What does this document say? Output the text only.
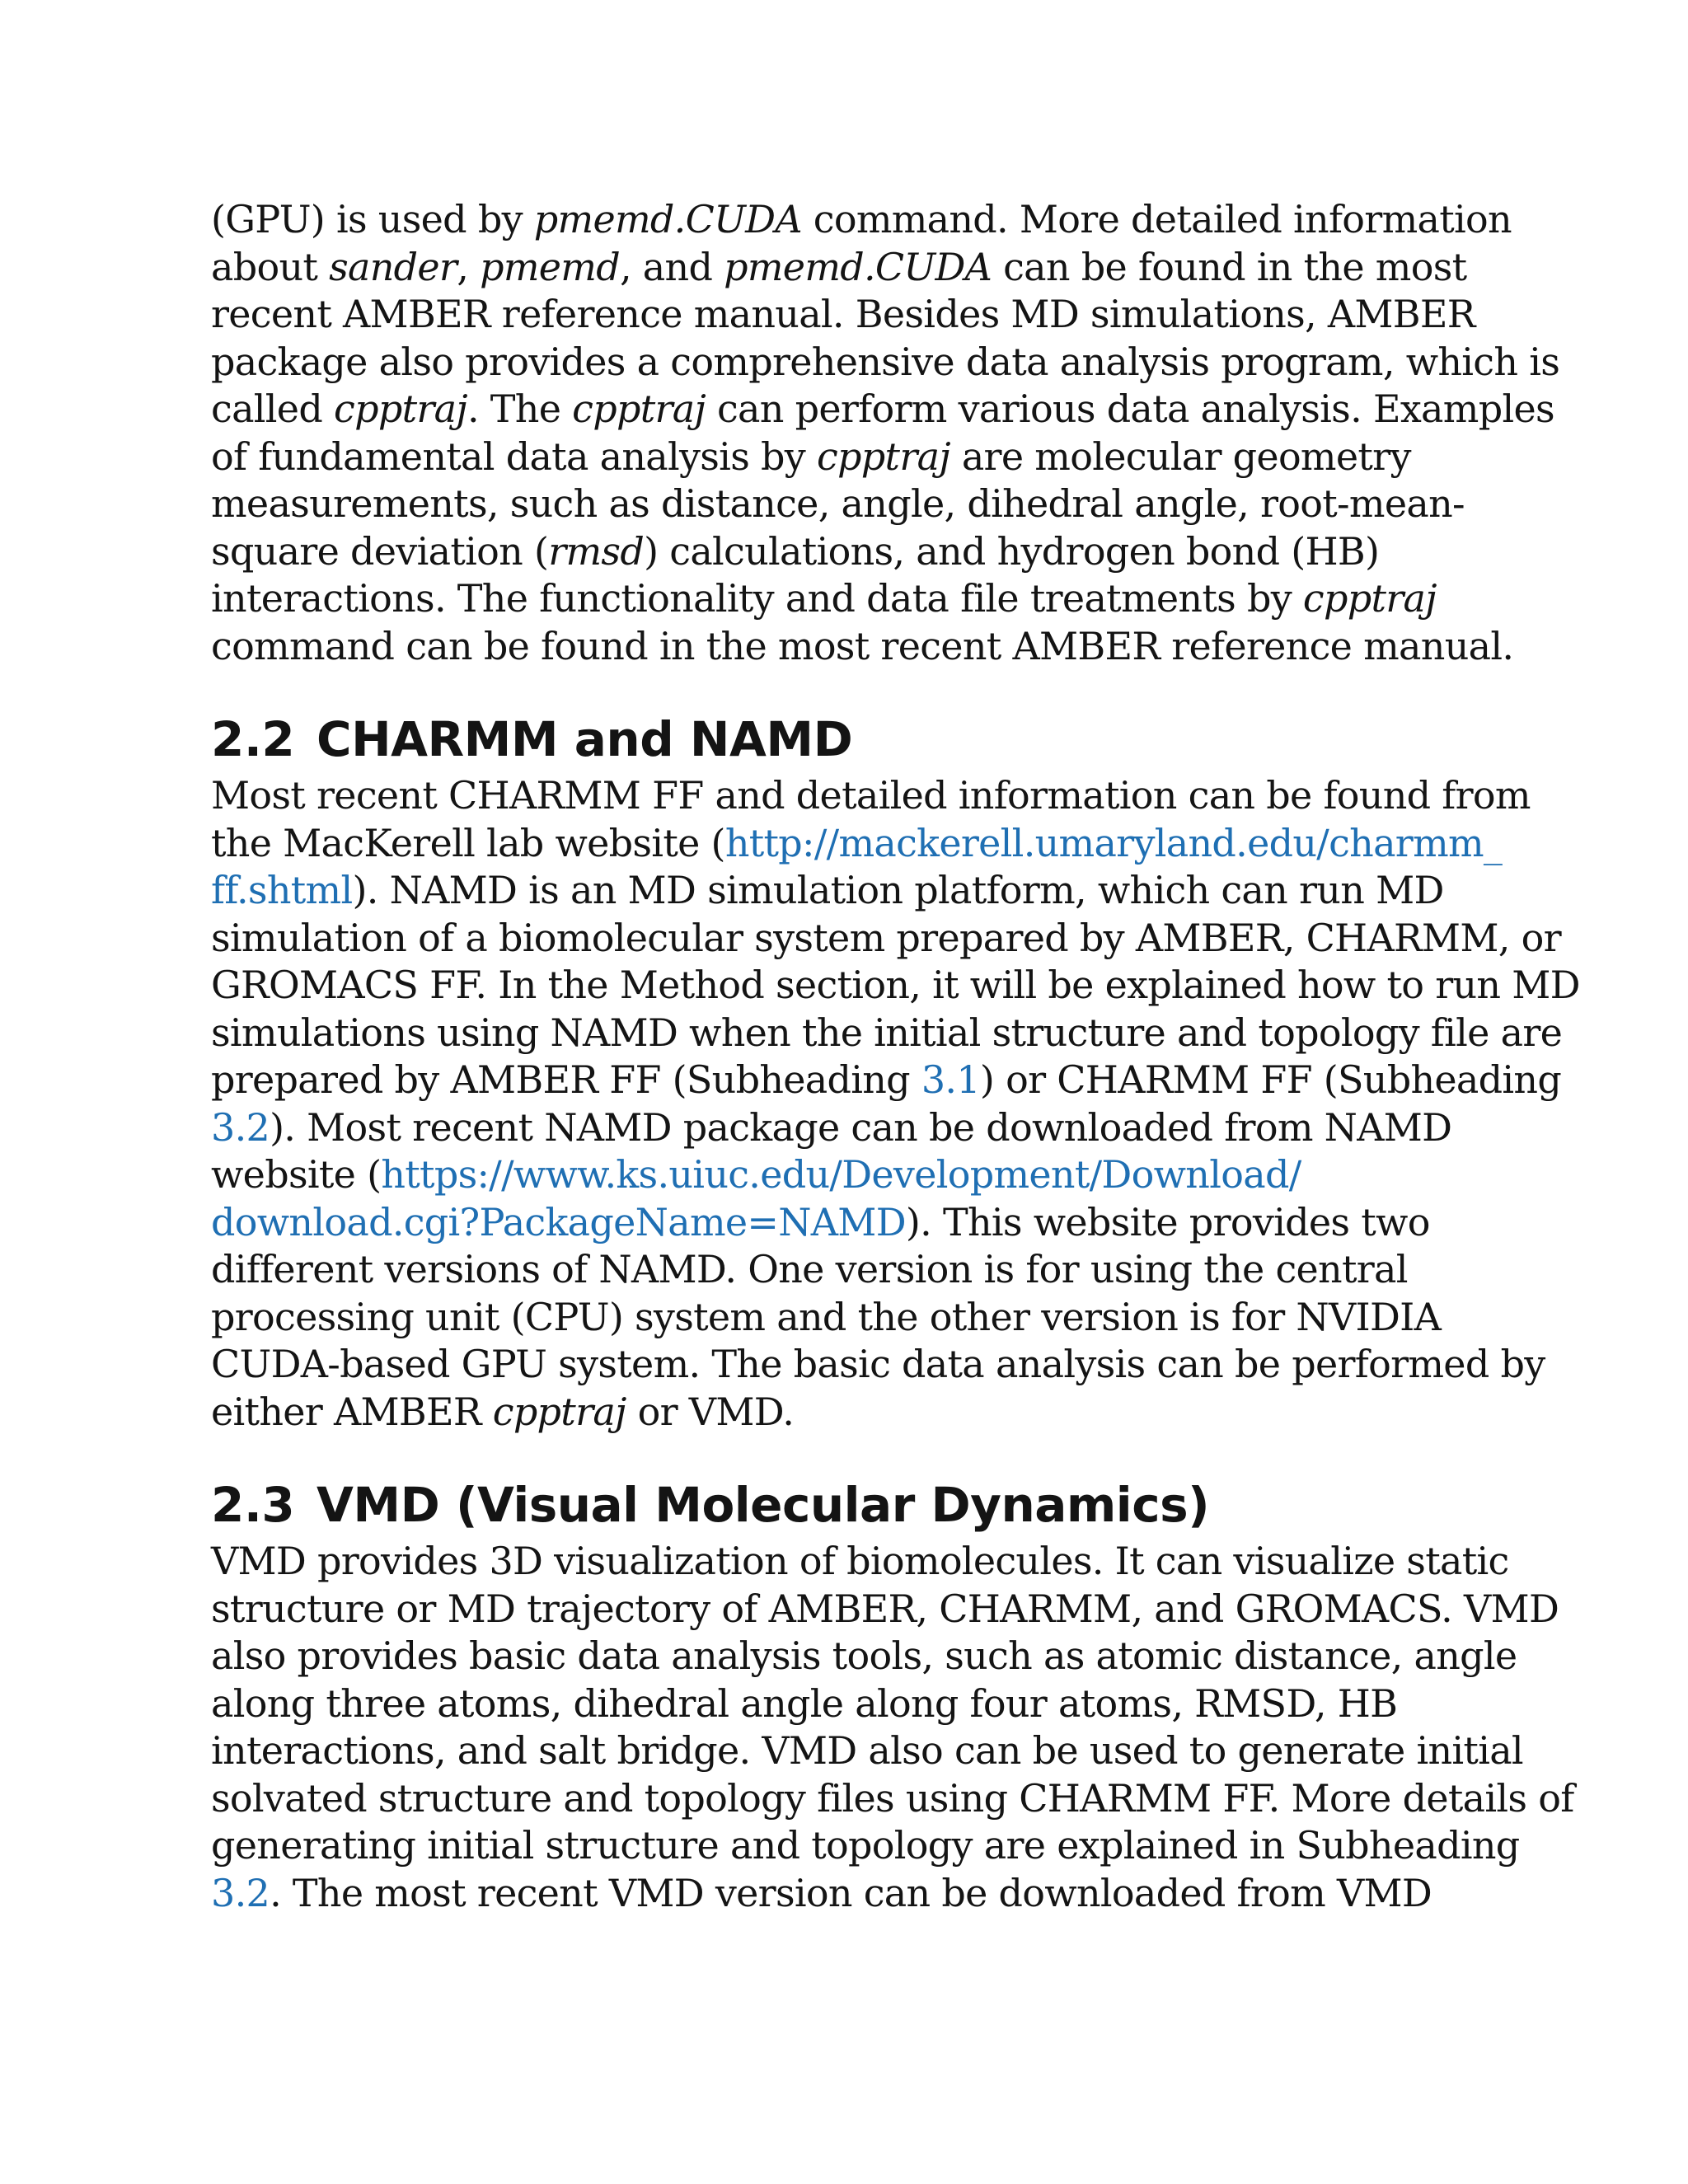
(GPU) is used by pmemd.CUDA command. More detailed information
about sander, pmemd, and pmemd.CUDA can be found in the most
recent AMBER reference manual. Besides MD simulations, AMBER
package also provides a comprehensive data analysis program, which is
called cpptraj. The cpptraj can perform various data analysis. Examples
of fundamental data analysis by cpptraj are molecular geometry
measurements, such as distance, angle, dihedral angle, root-mean-
square deviation (rmsd) calculations, and hydrogen bond (HB)
interactions. The functionality and data file treatments by cpptraj
command can be found in the most recent AMBER reference manual.

2.2 CHARMM and NAMD

Most recent CHARMM FF and detailed information can be found from
the MacKerell lab website (http://mackerell.umaryland.edu/charmm_
ff.shtml). NAMD is an MD simulation platform, which can run MD
simulation of a biomolecular system prepared by AMBER, CHARMM, or
GROMACS FF. In the Method section, it will be explained how to run MD
simulations using NAMD when the initial structure and topology file are
prepared by AMBER FF (Subheading 3.1) or CHARMM FF (Subheading
3.2). Most recent NAMD package can be downloaded from NAMD
website (https://www.ks.uiuc.edu/Development/Download/
download.cgi?PackageName=NAMD). This website provides two
different versions of NAMD. One version is for using the central
processing unit (CPU) system and the other version is for NVIDIA
CUDA-based GPU system. The basic data analysis can be performed by
either AMBER cpptraj or VMD.

2.3 VMD (Visual Molecular Dynamics)

VMD provides 3D visualization of biomolecules. It can visualize static
structure or MD trajectory of AMBER, CHARMM, and GROMACS. VMD
also provides basic data analysis tools, such as atomic distance, angle
along three atoms, dihedral angle along four atoms, RMSD, HB
interactions, and salt bridge. VMD also can be used to generate initial
solvated structure and topology files using CHARMM FF. More details of
generating initial structure and topology are explained in Subheading
3.2. The most recent VMD version can be downloaded from VMD
